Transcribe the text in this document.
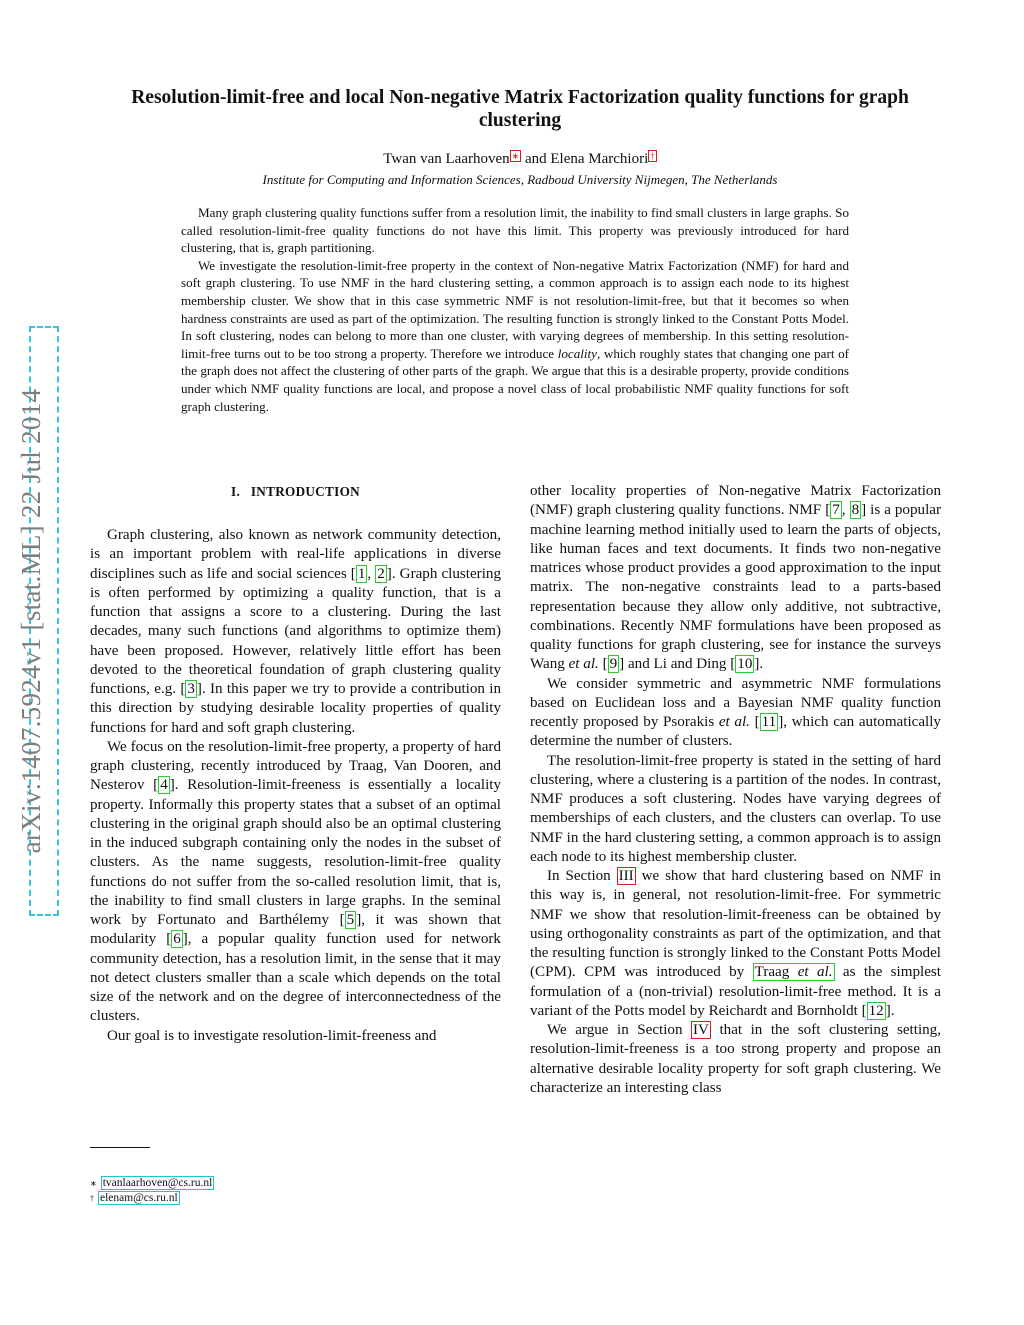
arXiv:1407.5924v1 [stat.ML] 22 Jul 2014
Resolution-limit-free and local Non-negative Matrix Factorization quality functions for graph clustering
Twan van Laarhoven ∗ and Elena Marchiori †
Institute for Computing and Information Sciences, Radboud University Nijmegen, The Netherlands

Many graph clustering quality functions suffer from a resolution limit, the inability to find small clusters in large graphs. So called resolution-limit-free quality functions do not have this limit. This property was previously introduced for hard clustering, that is, graph partitioning.

We investigate the resolution-limit-free property in the context of Non-negative Matrix Factorization (NMF) for hard and soft graph clustering. To use NMF in the hard clustering setting, a common approach is to assign each node to its highest membership cluster. We show that in this case symmetric NMF is not resolution-limit-free, but that it becomes so when hardness constraints are used as part of the optimization. The resulting function is strongly linked to the Constant Potts Model. In soft clustering, nodes can belong to more than one cluster, with varying degrees of membership. In this setting resolution-limit-free turns out to be too strong a property. Therefore we introduce locality, which roughly states that changing one part of the graph does not affect the clustering of other parts of the graph. We argue that this is a desirable property, provide conditions under which NMF quality functions are local, and propose a novel class of local probabilistic NMF quality functions for soft graph clustering.

I. INTRODUCTION

Graph clustering, also known as network community detection, is an important problem with real-life applications in diverse disciplines such as life and social sciences [ 1 , 2 ]. Graph clustering is often performed by optimizing a quality function, that is a function that assigns a score to a clustering. During the last decades, many such functions (and algorithms to optimize them) have been proposed. However, relatively little effort has been devoted to the theoretical foundation of graph clustering quality functions, e.g. [ 3 ]. In this paper we try to provide a contribution in this direction by studying desirable locality properties of quality functions for hard and soft graph clustering.

We focus on the resolution-limit-free property, a property of hard graph clustering, recently introduced by Traag, Van Dooren, and Nesterov [ 4 ]. Resolution-limit-freeness is essentially a locality property. Informally this property states that a subset of an optimal clustering in the original graph should also be an optimal clustering in the induced subgraph containing only the nodes in the subset of clusters. As the name suggests, resolution-limit-free quality functions do not suffer from the so-called resolution limit, that is, the inability to find small clusters in large graphs. In the seminal work by Fortunato and Barthélemy [ 5 ], it was shown that modularity [ 6 ], a popular quality function used for network community detection, has a resolution limit, in the sense that it may not detect clusters smaller than a scale which depends on the total size of the network and on the degree of interconnectedness of the clusters.

Our goal is to investigate resolution-limit-freeness and

∗ tvanlaarhoven@cs.ru.nl
† elenam@cs.ru.nl

other locality properties of Non-negative Matrix Factorization (NMF) graph clustering quality functions. NMF [ 7 , 8 ] is a popular machine learning method initially used to learn the parts of objects, like human faces and text documents. It finds two non-negative matrices whose product provides a good approximation to the input matrix. The non-negative constraints lead to a parts-based representation because they allow only additive, not subtractive, combinations. Recently NMF formulations have been proposed as quality functions for graph clustering, see for instance the surveys Wang et al. [ 9 ] and Li and Ding [ 10 ].

We consider symmetric and asymmetric NMF formulations based on Euclidean loss and a Bayesian NMF quality function recently proposed by Psorakis et al. [ 11 ], which can automatically determine the number of clusters.

The resolution-limit-free property is stated in the setting of hard clustering, where a clustering is a partition of the nodes. In contrast, NMF produces a soft clustering. Nodes have varying degrees of memberships of each clusters, and the clusters can overlap. To use NMF in the hard clustering setting, a common approach is to assign each node to its highest membership cluster.

In Section III we show that hard clustering based on NMF in this way is, in general, not resolution-limit-free. For symmetric NMF we show that resolution-limit-freeness can be obtained by using orthogonality constraints as part of the optimization, and that the resulting function is strongly linked to the Constant Potts Model (CPM). CPM was introduced by Traag et al. as the simplest formulation of a (non-trivial) resolution-limit-free method. It is a variant of the Potts model by Reichardt and Bornholdt [ 12 ].

We argue in Section IV that in the soft clustering setting, resolution-limit-freeness is a too strong property and propose an alternative desirable locality property for soft graph clustering. We characterize an interesting class
